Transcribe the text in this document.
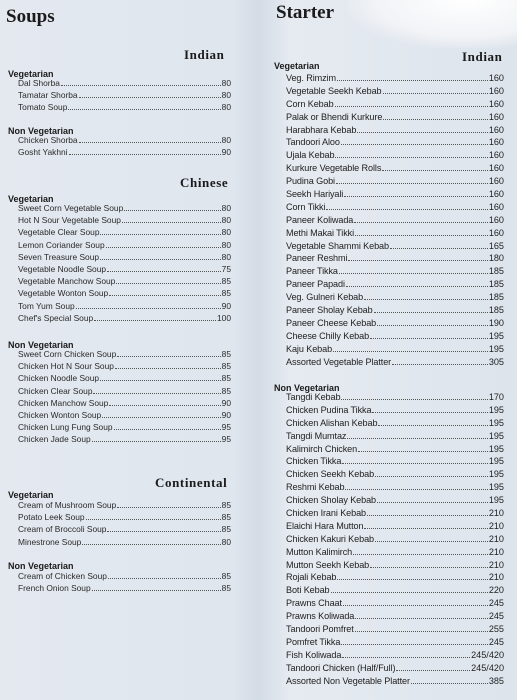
Soups
Indian
Vegetarian
Dal Shorba	80
Tamatar Shorba	80
Tomato Soup	80
Non Vegetarian
Chicken Shorba	80
Gosht Yakhni	90
Chinese
Vegetarian
Sweet Corn Vegetable Soup	80
Hot N Sour Vegetable Soup	80
Vegetable Clear Soup	80
Lemon Coriander Soup	80
Seven Treasure Soup	80
Vegetable Noodle Soup	75
Vegetable Manchow Soup	85
Vegetable Wonton Soup	85
Tom Yum Soup	90
Chef's Special Soup	100
Non Vegetarian
Sweet Corn Chicken Soup	85
Chicken Hot N Sour Soup	85
Chicken Noodle Soup	85
Chicken Clear Soup	85
Chicken Manchow Soup	90
Chicken Wonton Soup	90
Chicken Lung Fung Soup	95
Chicken Jade Soup	95
Continental
Vegetarian
Cream of Mushroom Soup	85
Potato Leek Soup	85
Cream of Broccoli Soup	85
Minestrone Soup	80
Non Vegetarian
Cream of Chicken Soup	85
French Onion Soup	85
Starter
Indian
Vegetarian
Veg. Rimzim	160
Vegetable Seekh Kebab	160
Corn Kebab	160
Palak or Bhendi Kurkure	160
Harabhara Kebab	160
Tandoori Aloo	160
Ujala Kebab	160
Kurkure Vegetable Rolls	160
Pudina Gobi	160
Seekh Hariyali	160
Corn Tikki	160
Paneer Koliwada	160
Methi Makai Tikki	160
Vegetable Shammi Kebab	165
Paneer Reshmi	180
Paneer Tikka	185
Paneer Papadi	185
Veg. Gulneri Kebab	185
Paneer Sholay Kebab	185
Paneer Cheese Kebab	190
Cheese Chilly Kebab	195
Kaju Kebab	195
Assorted Vegetable Platter	305
Non Vegetarian
Tangdi Kebab	170
Chicken Pudina Tikka	195
Chicken Alishan Kebab	195
Tangdi Mumtaz	195
Kalimirch Chicken	195
Chicken Tikka	195
Chicken Seekh Kebab	195
Reshmi Kebab	195
Chicken Sholay Kebab	195
Chicken Irani Kebab	210
Elaichi Hara Mutton	210
Chicken Kakuri Kebab	210
Mutton Kalimirch	210
Mutton Seekh Kebab	210
Rojali Kebab	210
Boti Kebab	220
Prawns Chaat	245
Prawns Koliwada	245
Tandoori Pomfret	255
Pomfret Tikka	245
Fish Koliwada	245/420
Tandoori Chicken (Half/Full)	245/420
Assorted Non Vegetable Platter	385
